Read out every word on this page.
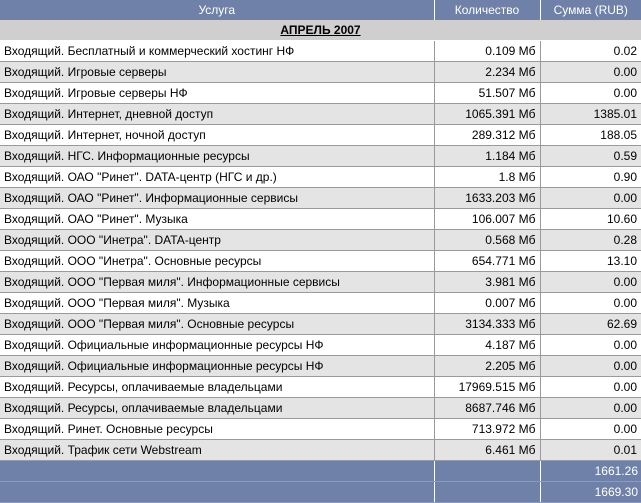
Услуга	Количество	Сумма (RUB)
АПРЕЛЬ 2007		
Входящий. Бесплатный и коммерческий хостинг НФ	0.109 Мб	0.02
Входящий. Игровые серверы	2.234 Мб	0.00
Входящий. Игровые серверы НФ	51.507 Мб	0.00
Входящий. Интернет, дневной доступ	1065.391 Мб	1385.01
Входящий. Интернет, ночной доступ	289.312 Мб	188.05
Входящий. НГС. Информационные ресурсы	1.184 Мб	0.59
Входящий. ОАО "Ринет". DATA-центр (НГС и др.)	1.8 Мб	0.90
Входящий. ОАО "Ринет". Информационные сервисы	1633.203 Мб	0.00
Входящий. ОАО "Ринет". Музыка	106.007 Мб	10.60
Входящий. ООО "Инетра". DATA-центр	0.568 Мб	0.28
Входящий. ООО "Инетра". Основные ресурсы	654.771 Мб	13.10
Входящий. ООО "Первая миля". Информационные сервисы	3.981 Мб	0.00
Входящий. ООО "Первая миля". Музыка	0.007 Мб	0.00
Входящий. ООО "Первая миля". Основные ресурсы	3134.333 Мб	62.69
Входящий. Официальные информационные ресурсы НФ	4.187 Мб	0.00
Входящий. Официальные информационные ресурсы НФ	2.205 Мб	0.00
Входящий. Ресурсы, оплачиваемые владельцами	17969.515 Мб	0.00
Входящий. Ресурсы, оплачиваемые владельцами	8687.746 Мб	0.00
Входящий. Ринет. Основные ресурсы	713.972 Мб	0.00
Входящий. Трафик сети Webstream	6.461 Мб	0.01
		1661.26
		1669.30
